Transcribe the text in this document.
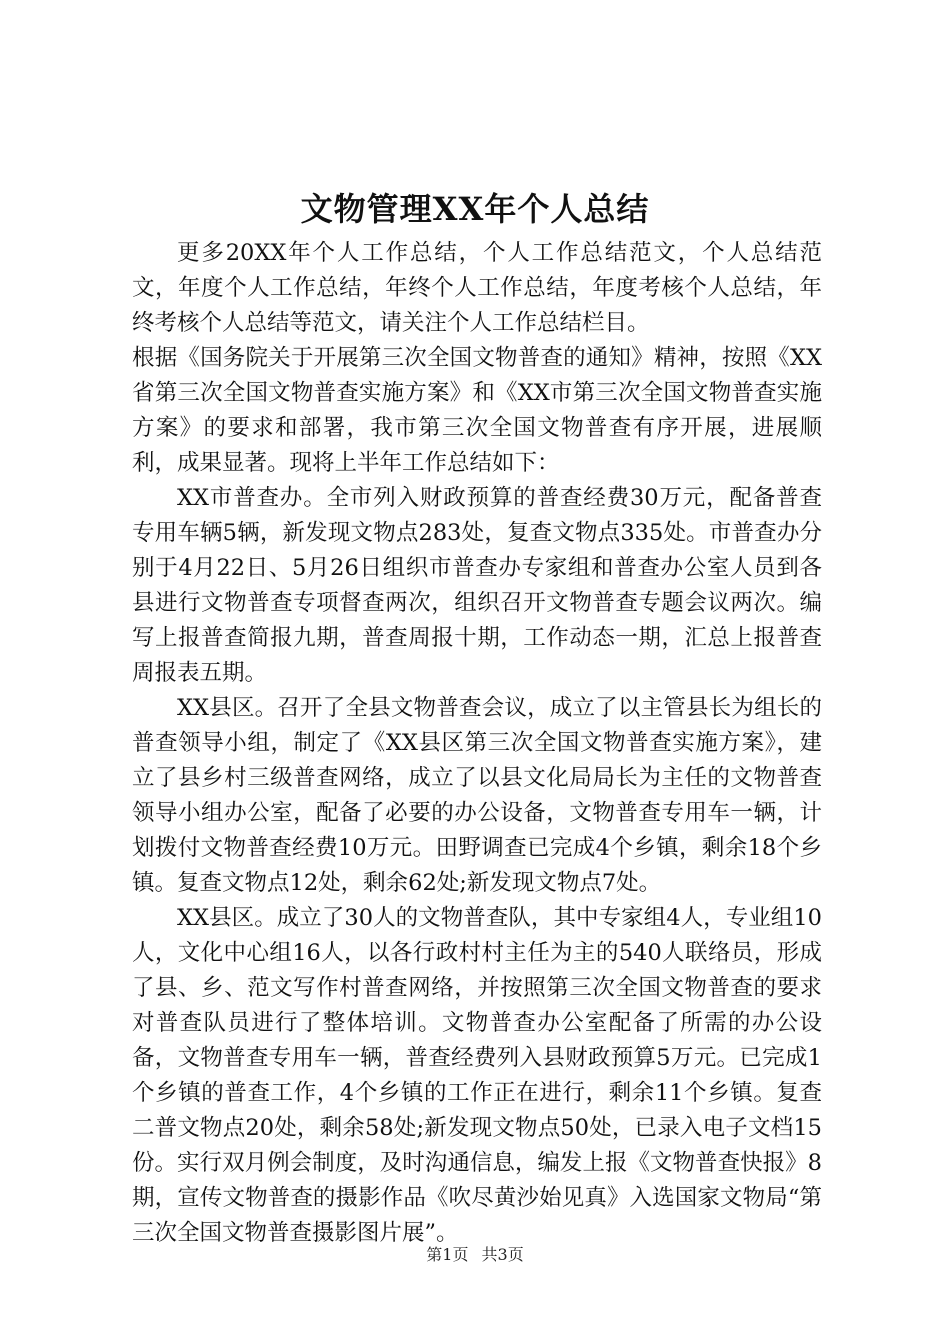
文物管理XX年个人总结

更多20XX年个人工作总结，个人工作总结范文，个人总结范文，年度个人工作总结，年终个人工作总结，年度考核个人总结，年终考核个人总结等范文，请关注个人工作总结栏目。

根据《国务院关于开展第三次全国文物普查的通知》精神，按照《XX省第三次全国文物普查实施方案》和《XX市第三次全国文物普查实施方案》的要求和部署，我市第三次全国文物普查有序开展，进展顺利，成果显著。现将上半年工作总结如下：

XX市普查办。全市列入财政预算的普查经费30万元，配备普查专用车辆5辆，新发现文物点283处，复查文物点335处。市普查办分别于4月22日、5月26日组织市普查办专家组和普查办公室人员到各县进行文物普查专项督查两次，组织召开文物普查专题会议两次。编写上报普查简报九期，普查周报十期，工作动态一期，汇总上报普查周报表五期。

XX县区。召开了全县文物普查会议，成立了以主管县长为组长的普查领导小组，制定了《XX县区第三次全国文物普查实施方案》，建立了县乡村三级普查网络，成立了以县文化局局长为主任的文物普查领导小组办公室，配备了必要的办公设备，文物普查专用车一辆，计划拨付文物普查经费10万元。田野调查已完成4个乡镇，剩余18个乡镇。复查文物点12处，剩余62处;新发现文物点7处。

XX县区。成立了30人的文物普查队，其中专家组4人，专业组10人，文化中心组16人，以各行政村村主任为主的540人联络员，形成了县、乡、范文写作村普查网络，并按照第三次全国文物普查的要求对普查队员进行了整体培训。文物普查办公室配备了所需的办公设备，文物普查专用车一辆，普查经费列入县财政预算5万元。已完成1个乡镇的普查工作，4个乡镇的工作正在进行，剩余11个乡镇。复查二普文物点20处，剩余58处;新发现文物点50处，已录入电子文档15份。实行双月例会制度，及时沟通信息，编发上报《文物普查快报》8期，宣传文物普查的摄影作品《吹尽黄沙始见真》入选国家文物局“第三次全国文物普查摄影图片展”。

第1页 共3页
